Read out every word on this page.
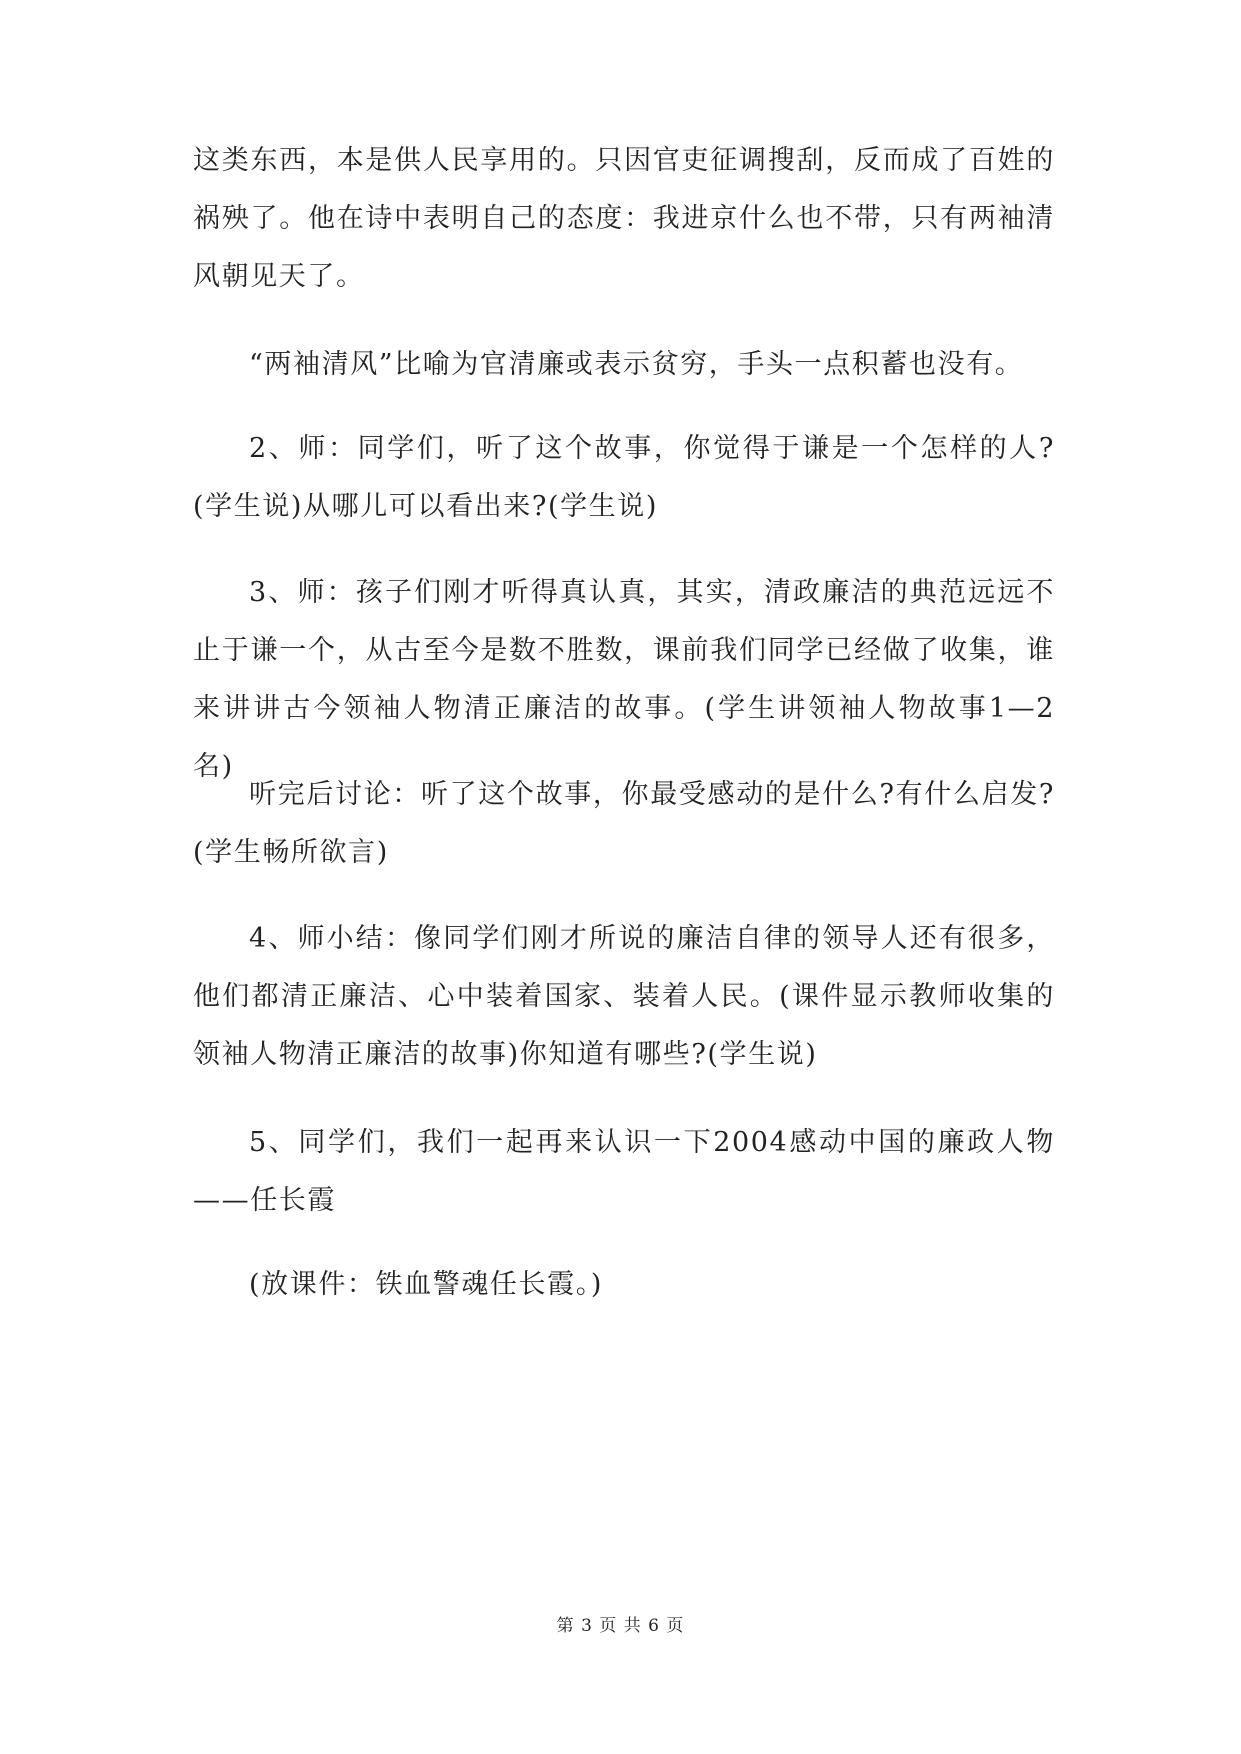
这类东西，本是供人民享用的。只因官吏征调搜刮，反而成了百姓的祸殃了。他在诗中表明自己的态度：我进京什么也不带，只有两袖清风朝见天了。

“两袖清风”比喻为官清廉或表示贫穷，手头一点积蓄也没有。

2、师：同学们，听了这个故事，你觉得于谦是一个怎样的人?(学生说)从哪儿可以看出来?(学生说)

3、师：孩子们刚才听得真认真，其实，清政廉洁的典范远远不止于谦一个，从古至今是数不胜数，课前我们同学已经做了收集，谁来讲讲古今领袖人物清正廉洁的故事。(学生讲领袖人物故事1—2名)

听完后讨论：听了这个故事，你最受感动的是什么?有什么启发?(学生畅所欲言)

4、师小结：像同学们刚才所说的廉洁自律的领导人还有很多，他们都清正廉洁、心中装着国家、装着人民。(课件显示教师收集的领袖人物清正廉洁的故事)你知道有哪些?(学生说)

5、同学们，我们一起再来认识一下2004感动中国的廉政人物——任长霞

(放课件：铁血警魂任长霞。)

第 3 页 共 6 页
